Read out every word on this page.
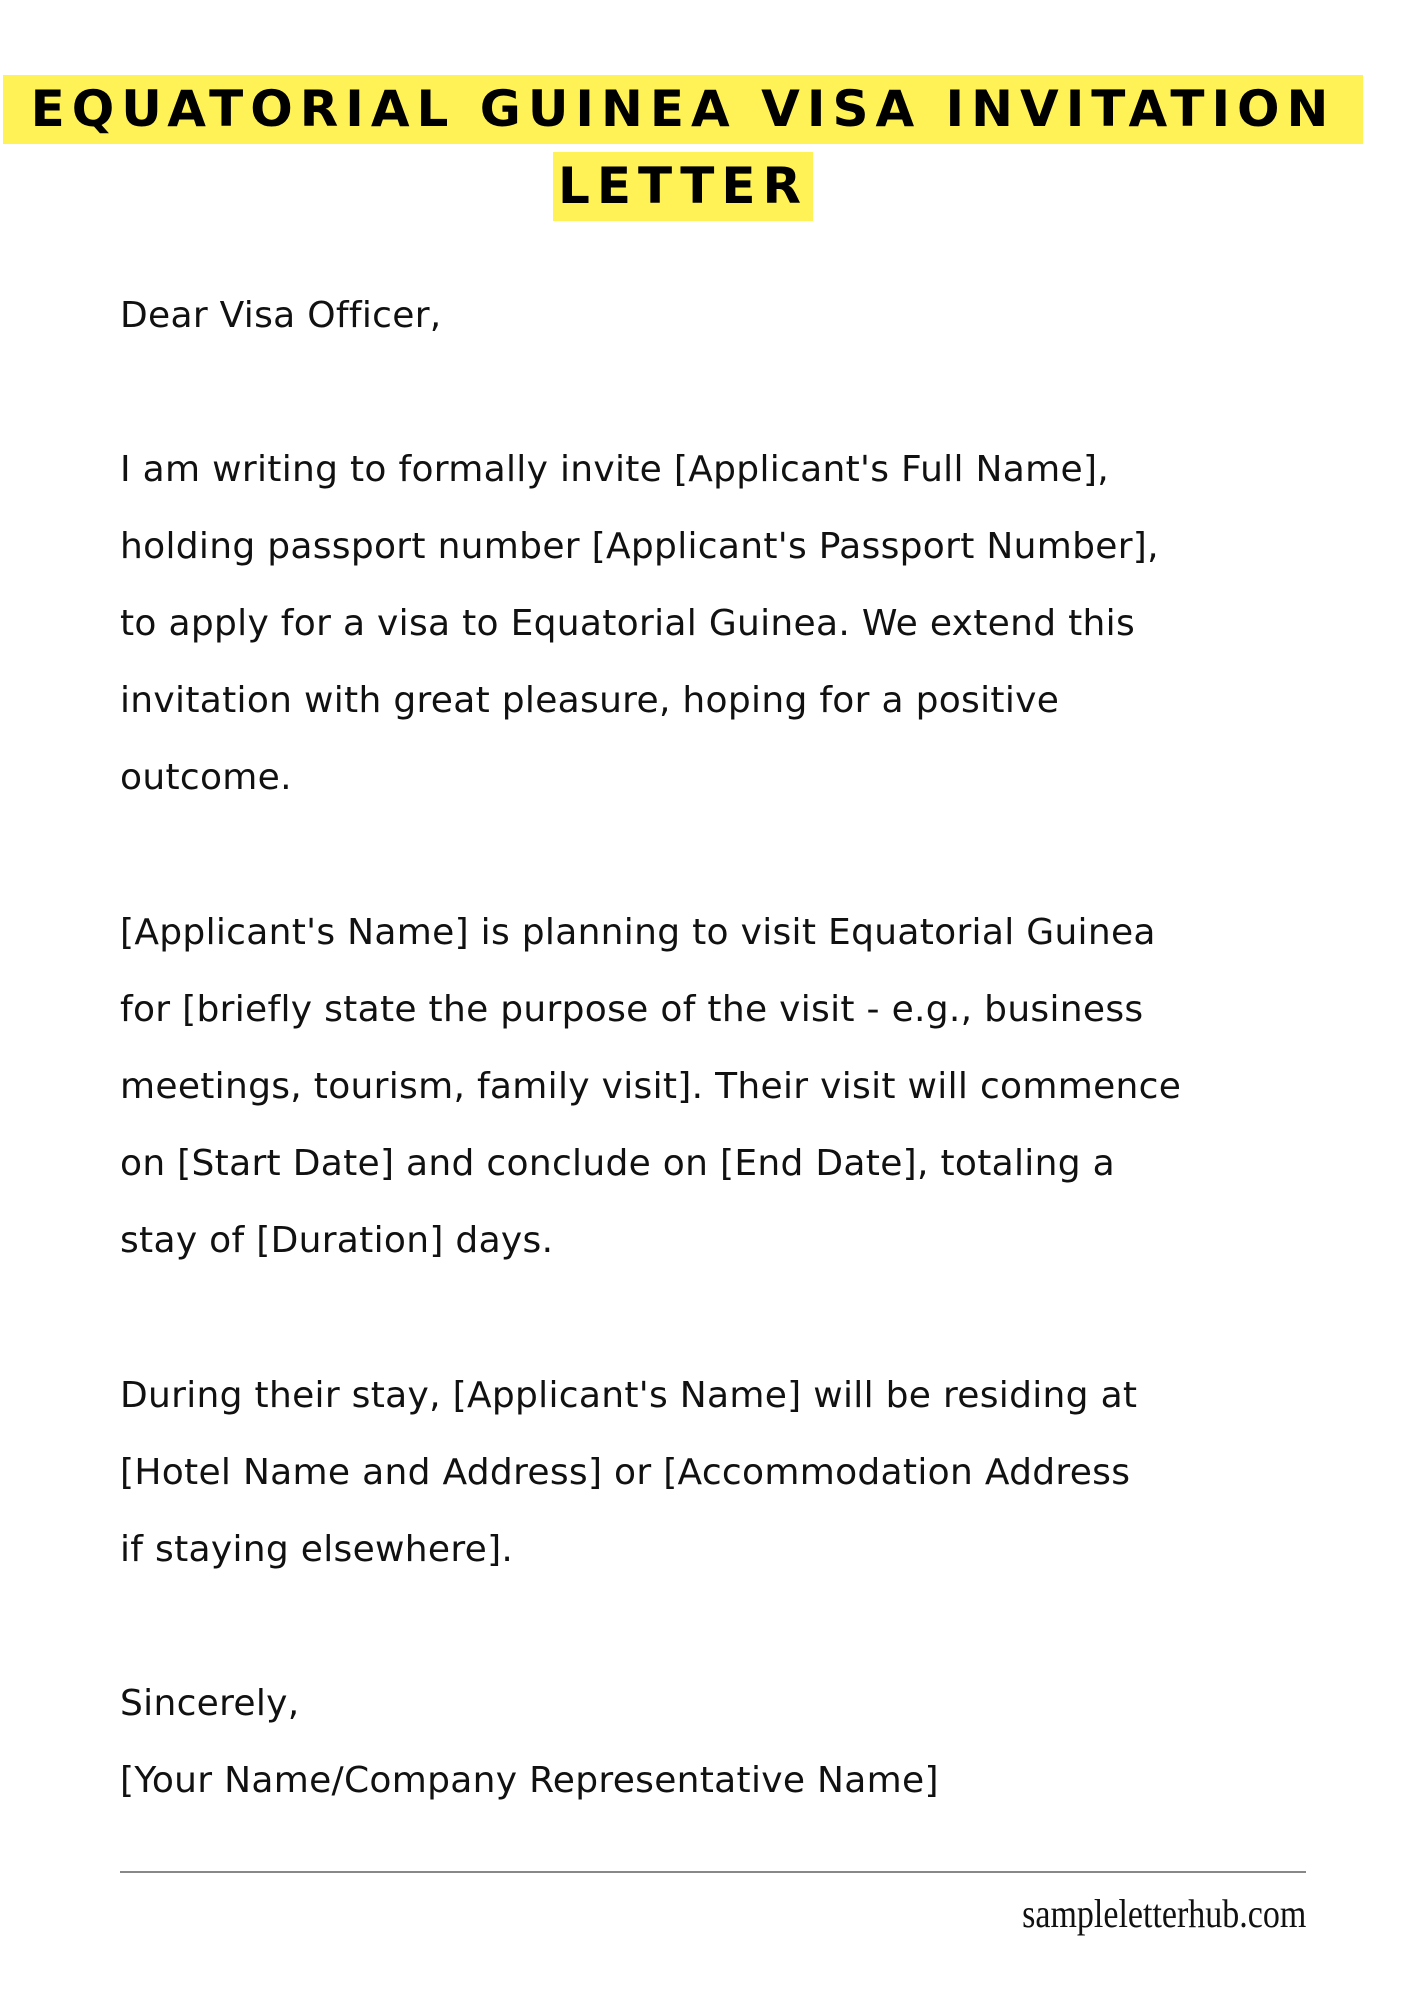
EQUATORIAL GUINEA VISA INVITATION
LETTER
Dear Visa Officer,
I am writing to formally invite [Applicant's Full Name],
holding passport number [Applicant's Passport Number],
to apply for a visa to Equatorial Guinea. We extend this
invitation with great pleasure, hoping for a positive
outcome.
[Applicant's Name] is planning to visit Equatorial Guinea
for [briefly state the purpose of the visit - e.g., business
meetings, tourism, family visit]. Their visit will commence
on [Start Date] and conclude on [End Date], totaling a
stay of [Duration] days.
During their stay, [Applicant's Name] will be residing at
[Hotel Name and Address] or [Accommodation Address
if staying elsewhere].
Sincerely,
[Your Name/Company Representative Name]
sampleletterhub.com
